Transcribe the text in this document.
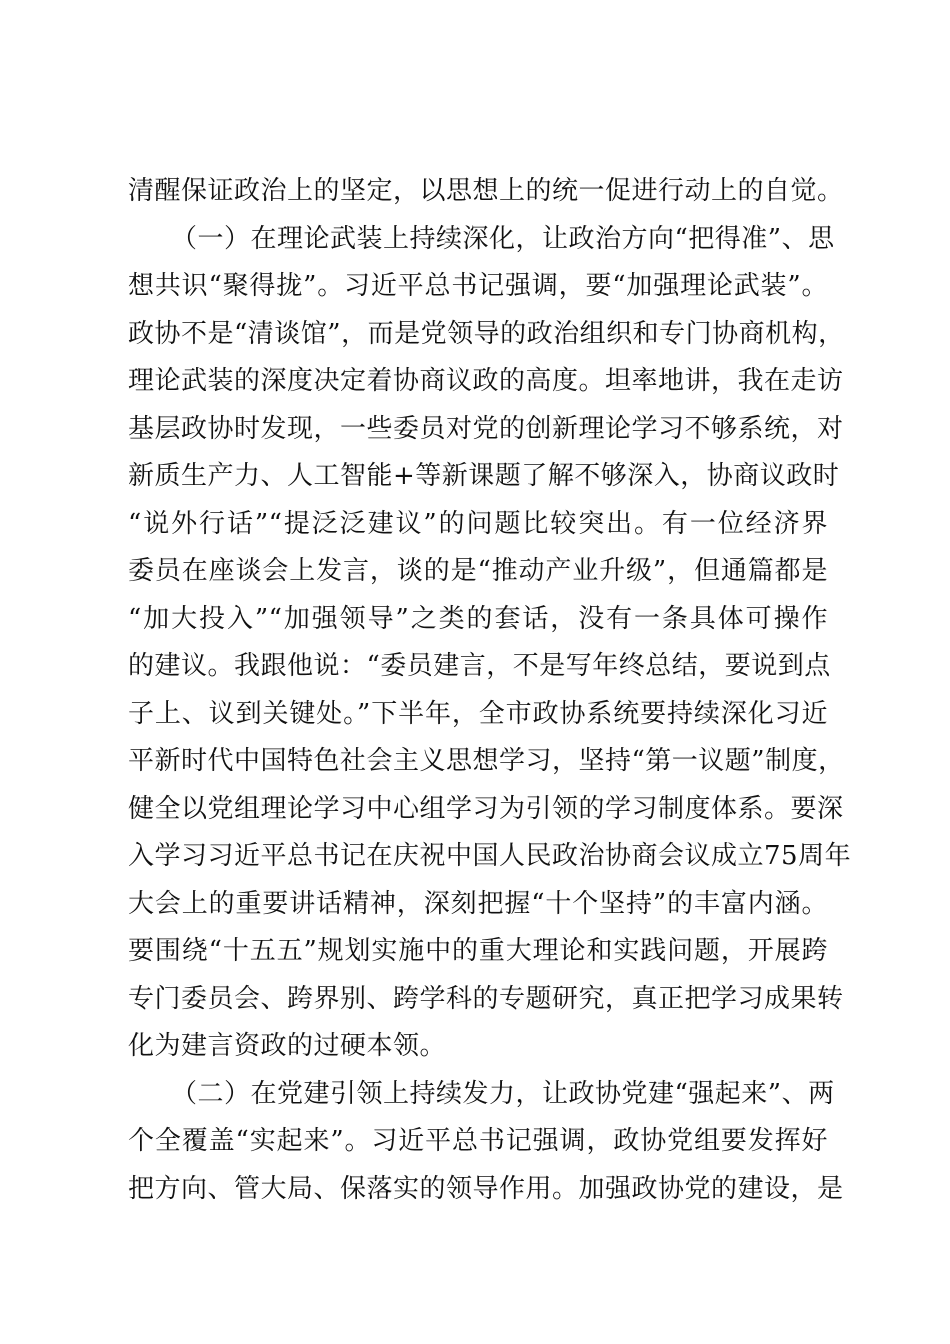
清醒保证政治上的坚定，以思想上的统一促进行动上的自觉。
（一）在理论武装上持续深化，让政治方向“把得准”、思
想共识“聚得拢”。习近平总书记强调，要“加强理论武装”。
政协不是“清谈馆”，而是党领导的政治组织和专门协商机构，
理论武装的深度决定着协商议政的高度。坦率地讲，我在走访
基层政协时发现，一些委员对党的创新理论学习不够系统，对
新质生产力、人工智能+等新课题了解不够深入，协商议政时
“说外行话”“提泛泛建议”的问题比较突出。有一位经济界
委员在座谈会上发言，谈的是“推动产业升级”，但通篇都是
“加大投入”“加强领导”之类的套话，没有一条具体可操作
的建议。我跟他说：“委员建言，不是写年终总结，要说到点
子上、议到关键处。”下半年，全市政协系统要持续深化习近
平新时代中国特色社会主义思想学习，坚持“第一议题”制度，
健全以党组理论学习中心组学习为引领的学习制度体系。要深
入学习习近平总书记在庆祝中国人民政治协商会议成立75周年
大会上的重要讲话精神，深刻把握“十个坚持”的丰富内涵。
要围绕“十五五”规划实施中的重大理论和实践问题，开展跨
专门委员会、跨界别、跨学科的专题研究，真正把学习成果转
化为建言资政的过硬本领。
（二）在党建引领上持续发力，让政协党建“强起来”、两
个全覆盖“实起来”。习近平总书记强调，政协党组要发挥好
把方向、管大局、保落实的领导作用。加强政协党的建设，是
